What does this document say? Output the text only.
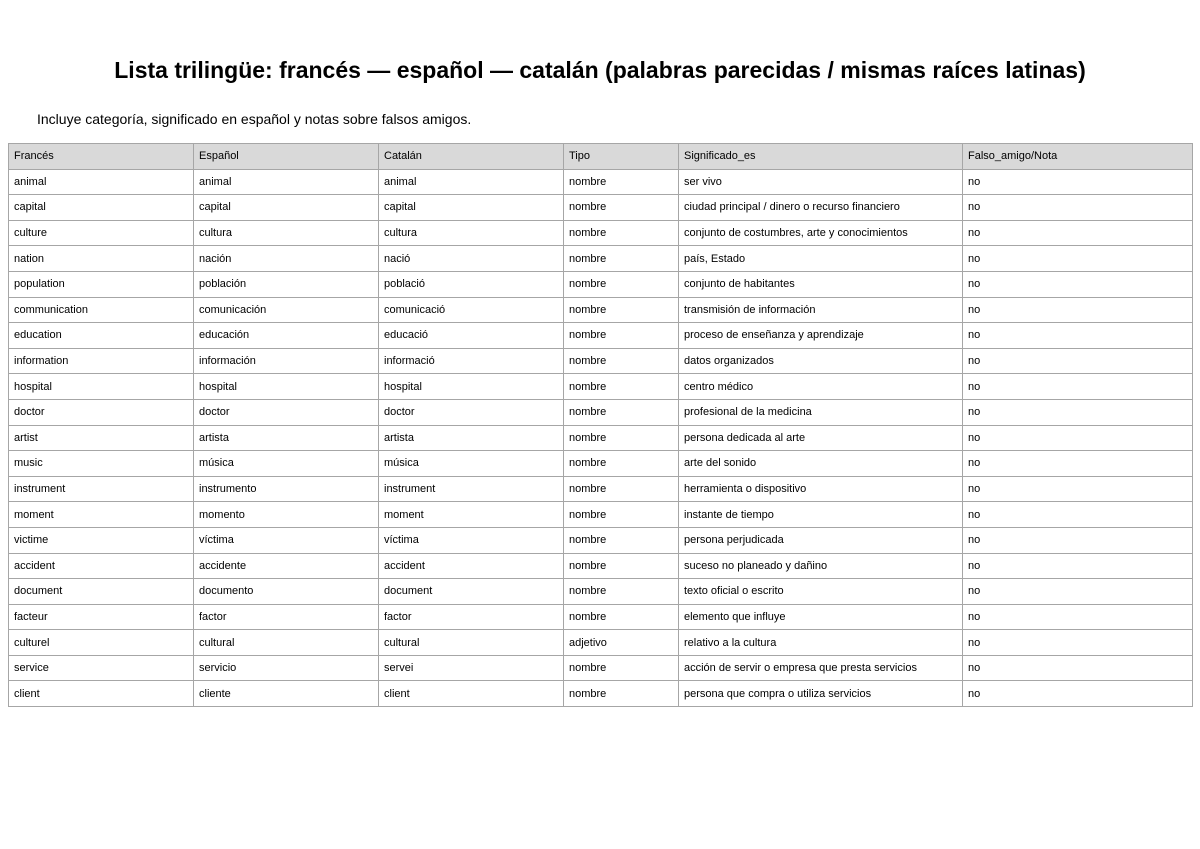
Lista trilingüe: francés — español — catalán (palabras parecidas / mismas raíces latinas)
Incluye categoría, significado en español y notas sobre falsos amigos.
Francés	Español	Catalán	Tipo	Significado_es	Falso_amigo/Nota
animal	animal	animal	nombre	ser vivo	no
capital	capital	capital	nombre	ciudad principal / dinero o recurso financiero	no
culture	cultura	cultura	nombre	conjunto de costumbres, arte y conocimientos	no
nation	nación	nació	nombre	país, Estado	no
population	población	població	nombre	conjunto de habitantes	no
communication	comunicación	comunicació	nombre	transmisión de información	no
education	educación	educació	nombre	proceso de enseñanza y aprendizaje	no
information	información	informació	nombre	datos organizados	no
hospital	hospital	hospital	nombre	centro médico	no
doctor	doctor	doctor	nombre	profesional de la medicina	no
artist	artista	artista	nombre	persona dedicada al arte	no
music	música	música	nombre	arte del sonido	no
instrument	instrumento	instrument	nombre	herramienta o dispositivo	no
moment	momento	moment	nombre	instante de tiempo	no
victime	víctima	víctima	nombre	persona perjudicada	no
accident	accidente	accident	nombre	suceso no planeado y dañino	no
document	documento	document	nombre	texto oficial o escrito	no
facteur	factor	factor	nombre	elemento que influye	no
culturel	cultural	cultural	adjetivo	relativo a la cultura	no
service	servicio	servei	nombre	acción de servir o empresa que presta servicios	no
client	cliente	client	nombre	persona que compra o utiliza servicios	no
